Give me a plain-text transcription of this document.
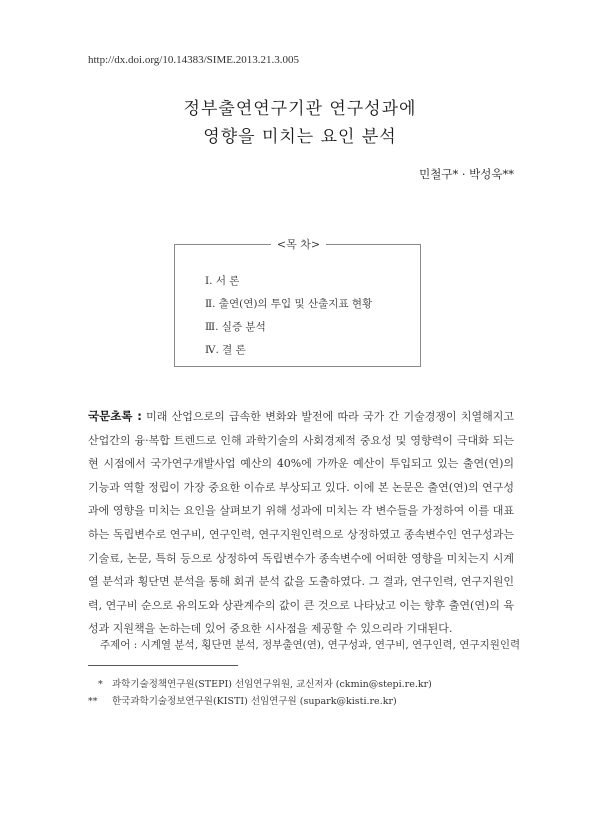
http://dx.doi.org/10.14383/SIME.2013.21.3.005
정부출연연구기관 연구성과에
영향을 미치는 요인 분석
민철구* · 박성욱**
<목 차>
Ⅰ. 서 론
Ⅱ. 출연(연)의 투입 및 산출지표 현황
Ⅲ. 실증 분석
Ⅳ. 결 론
국문초록 : 미래 산업으로의 급속한 변화와 발전에 따라 국가 간 기술경쟁이 치열해지고 산업간의 융·복합 트렌드로 인해 과학기술의 사회경제적 중요성 및 영향력이 극대화 되는 현 시점에서 국가연구개발사업 예산의 40%에 가까운 예산이 투입되고 있는 출연(연)의 기능과 역할 정립이 가장 중요한 이슈로 부상되고 있다. 이에 본 논문은 출연(연)의 연구성과에 영향을 미치는 요인을 살펴보기 위해 성과에 미치는 각 변수들을 가정하여 이를 대표하는 독립변수로 연구비, 연구인력, 연구지원인력으로 상정하였고 종속변수인 연구성과는 기술료, 논문, 특허 등으로 상정하여 독립변수가 종속변수에 어떠한 영향을 미치는지 시계열 분석과 횡단면 분석을 통해 회귀 분석 값을 도출하였다. 그 결과, 연구인력, 연구지원인력, 연구비 순으로 유의도와 상관계수의 값이 큰 것으로 나타났고 이는 향후 출연(연)의 육성과 지원책을 논하는데 있어 중요한 시사점을 제공할 수 있으리라 기대된다.
주제어 : 시계열 분석, 횡단면 분석, 정부출연(연), 연구성과, 연구비, 연구인력, 연구지원인력
* 과학기술정책연구원(STEPI) 선임연구위원, 교신저자 (ckmin@stepi.re.kr)
** 한국과학기술정보연구원(KISTI) 선임연구원 (supark@kisti.re.kr)
